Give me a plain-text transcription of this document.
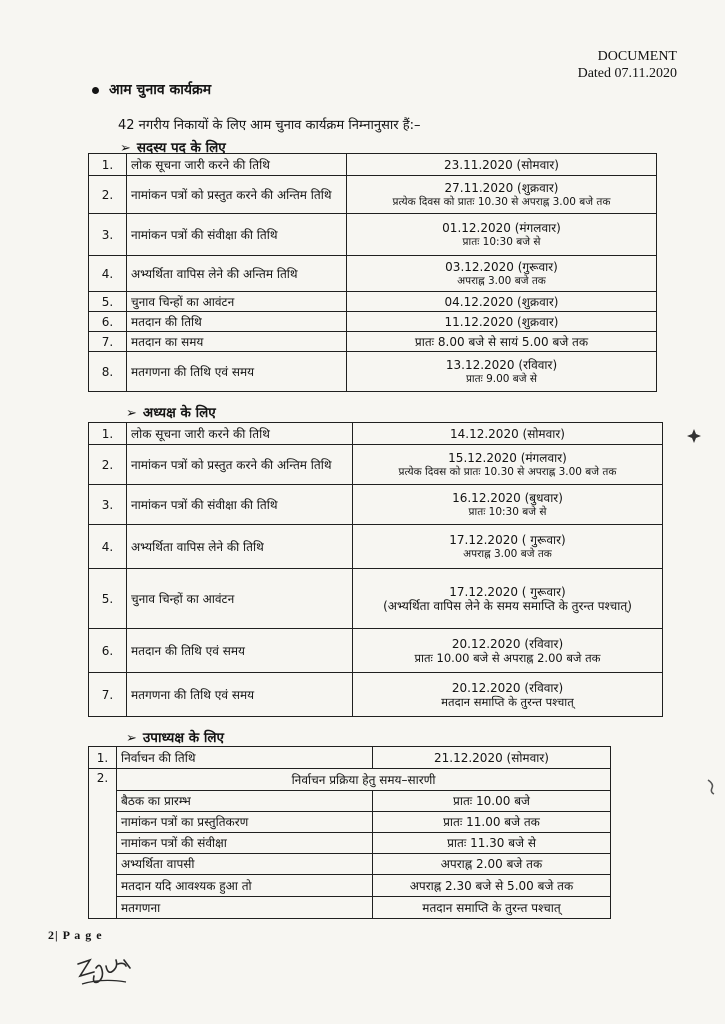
DOCUMENT
Dated 07.11.2020
आम चुनाव कार्यक्रम
42 नगरीय निकायों के लिए आम चुनाव कार्यक्रम निम्नानुसार हैं:–
➢ सदस्य पद के लिए
1.	लोक सूचना जारी करने की तिथि	23.11.2020 (सोमवार)
2.	नामांकन पत्रों को प्रस्तुत करने की अन्तिम तिथि	27.11.2020 (शुक्रवार)
प्रत्येक दिवस को प्रातः 10.30 से अपराह्न 3.00 बजे तक

3.	नामांकन पत्रों की संवीक्षा की तिथि	01.12.2020 (मंगलवार)
प्रातः 10:30 बजे से

4.	अभ्यर्थिता वापिस लेने की अन्तिम तिथि	03.12.2020 (गुरूवार)
अपराह्न 3.00 बजे तक

5.	चुनाव चिन्हों का आवंटन	04.12.2020 (शुक्रवार)
6.	मतदान की तिथि	11.12.2020 (शुक्रवार)
7.	मतदान का समय	प्रातः 8.00 बजे से सायं 5.00 बजे तक
8.	मतगणना की तिथि एवं समय	13.12.2020 (रविवार)
प्रातः 9.00 बजे से
➢ अध्यक्ष के लिए
1.	लोक सूचना जारी करने की तिथि	14.12.2020 (सोमवार)
2.	नामांकन पत्रों को प्रस्तुत करने की अन्तिम तिथि	15.12.2020 (मंगलवार)
प्रत्येक दिवस को प्रातः 10.30 से अपराह्न 3.00 बजे तक

3.	नामांकन पत्रों की संवीक्षा की तिथि	16.12.2020 (बुधवार)
प्रातः 10:30 बजे से

4.	अभ्यर्थिता वापिस लेने की तिथि	17.12.2020 ( गुरूवार)
अपराह्न 3.00 बजे तक

5.	चुनाव चिन्हों का आवंटन	17.12.2020 ( गुरूवार)
(अभ्यर्थिता वापिस लेने के समय समाप्ति के तुरन्त पश्चात्)

6.	मतदान की तिथि एवं समय	20.12.2020 (रविवार)
प्रातः 10.00 बजे से अपराह्न 2.00 बजे तक

7.	मतगणना की तिथि एवं समय	20.12.2020 (रविवार)
मतदान समाप्ति के तुरन्त पश्चात्
➢ उपाध्यक्ष के लिए
1.	निर्वाचन की तिथि	21.12.2020 (सोमवार)
2.	निर्वाचन प्रक्रिया हेतु समय–सारणी	
	बैठक का प्रारम्भ	प्रातः 10.00 बजे
	नामांकन पत्रों का प्रस्तुतिकरण	प्रातः 11.00 बजे तक
	नामांकन पत्रों की संवीक्षा	प्रातः 11.30 बजे से
	अभ्यर्थिता वापसी	अपराह्न 2.00 बजे तक
	मतदान यदि आवश्यक हुआ तो	अपराह्न 2.30 बजे से 5.00 बजे तक
	मतगणना	मतदान समाप्ति के तुरन्त पश्चात्
2| P a g e
